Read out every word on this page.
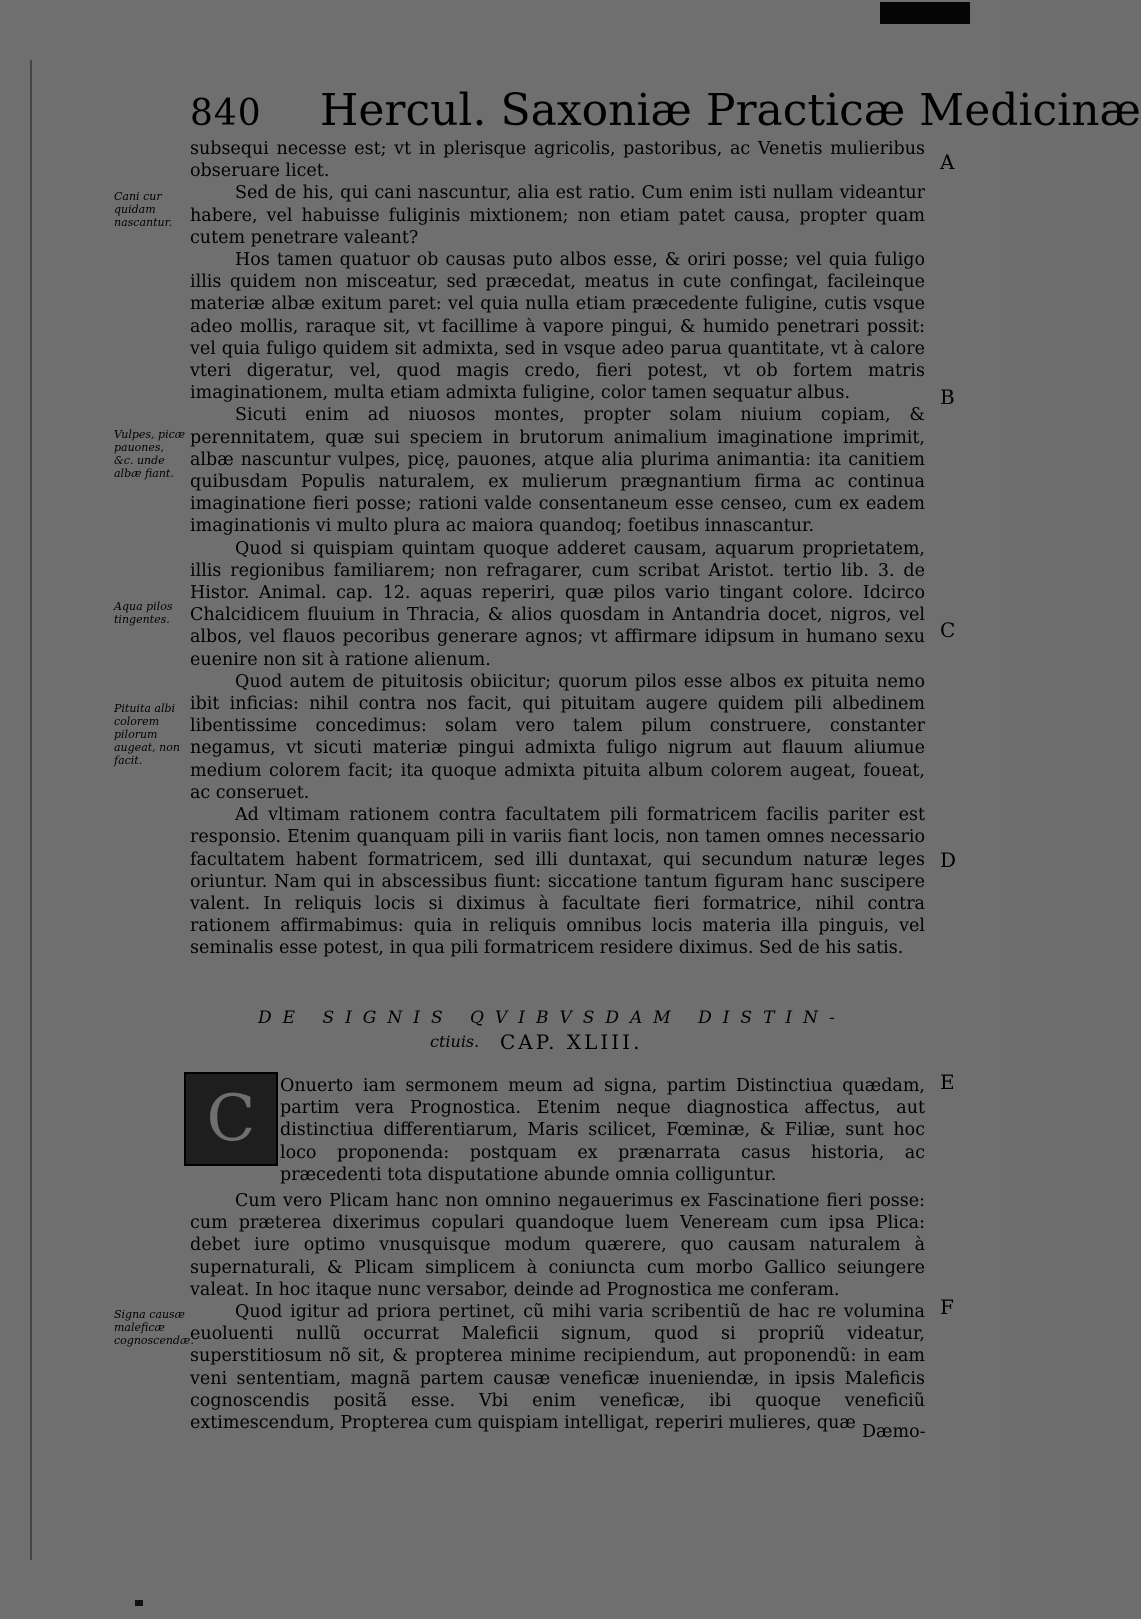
840 Hercul. Saxoniæ Practicæ Medicinæ
Cani cur quidam nascantur.
Vulpes, picæ pauones, &c. unde albæ fiant.
Aqua pilos tingentes.
Pituita albi colorem pilorum augeat, non facit.
Signa causæ maleficæ cognoscendæ.
A
B
C
D
E
F

subsequi necesse est; vt in plerisque agricolis, pastoribus, ac Venetis mulieribus obseruare licet.

Sed de his, qui cani nascuntur, alia est ratio. Cum enim isti nullam videantur habere, vel habuisse fuliginis mixtionem; non etiam patet causa, propter quam cutem penetrare valeant?

Hos tamen quatuor ob causas puto albos esse, & oriri posse; vel quia fuligo illis quidem non misceatur, sed præcedat, meatus in cute confingat, facileinque materiæ albæ exitum paret: vel quia nulla etiam præcedente fuligine, cutis vsque adeo mollis, raraque sit, vt facillime à vapore pingui, & humido penetrari possit: vel quia fuligo quidem sit admixta, sed in vsque adeo parua quantitate, vt à calore vteri digeratur, vel, quod magis credo, fieri potest, vt ob fortem matris imaginationem, multa etiam admixta fuligine, color tamen sequatur albus.

Sicuti enim ad niuosos montes, propter solam niuium copiam, & perennitatem, quæ sui speciem in brutorum animalium imaginatione imprimit, albæ nascuntur vulpes, picę, pauones, atque alia plurima animantia: ita canitiem quibusdam Populis naturalem, ex mulierum prægnantium firma ac continua imaginatione fieri posse; rationi valde consentaneum esse censeo, cum ex eadem imaginationis vi multo plura ac maiora quandoq; foetibus innascantur.

Quod si quispiam quintam quoque adderet causam, aquarum proprietatem, illis regionibus familiarem; non refragarer, cum scribat Aristot. tertio lib. 3. de Histor. Animal. cap. 12. aquas reperiri, quæ pilos vario tingant colore. Idcirco Chalcidicem fluuium in Thracia, & alios quosdam in Antandria docet, nigros, vel albos, vel flauos pecoribus generare agnos; vt affirmare idipsum in humano sexu euenire non sit à ratione alienum.

Quod autem de pituitosis obiicitur; quorum pilos esse albos ex pituita nemo ibit inficias: nihil contra nos facit, qui pituitam augere quidem pili albedinem libentissime concedimus: solam vero talem pilum construere, constanter negamus, vt sicuti materiæ pingui admixta fuligo nigrum aut flauum aliumue medium colorem facit; ita quoque admixta pituita album colorem augeat, foueat, ac conseruet.

Ad vltimam rationem contra facultatem pili formatricem facilis pariter est responsio. Etenim quanquam pili in variis fiant locis, non tamen omnes necessario facultatem habent formatricem, sed illi duntaxat, qui secundum naturæ leges oriuntur. Nam qui in abscessibus fiunt: siccatione tantum figuram hanc suscipere valent. In reliquis locis si diximus à facultate fieri formatrice, nihil contra rationem affirmabimus: quia in reliquis omnibus locis materia illa pinguis, vel seminalis esse potest, in qua pili formatricem residere diximus. Sed de his satis.

DE SIGNIS QVIBVSDAM DISTIN-
ctiuis. CAP. XLIII.
C	Onuerto iam sermonem meum ad signa, partim Distinctiua quædam, partim vera Prognostica. Etenim neque diagnostica affectus, aut distinctiua differentiarum, Maris scilicet, Fœminæ, & Filiæ, sunt hoc loco proponenda: postquam ex prænarrata casus historia, ac præcedenti tota disputatione abunde omnia colliguntur.

Cum vero Plicam hanc non omnino negauerimus ex Fascinatione fieri posse: cum præterea dixerimus copulari quandoque luem Veneream cum ipsa Plica: debet iure optimo vnusquisque modum quærere, quo causam naturalem à supernaturali, & Plicam simplicem à coniuncta cum morbo Gallico seiungere valeat. In hoc itaque nunc versabor, deinde ad Prognostica me conferam.

Quod igitur ad priora pertinet, cũ mihi varia scribentiũ de hac re volumina euoluenti nullũ occurrat Maleficii signum, quod si propriũ videatur, superstitiosum nõ sit, & propterea minime recipiendum, aut proponendũ: in eam veni sententiam, magnã partem causæ veneficæ inueniendæ, in ipsis Maleficis cognoscendis positã esse. Vbi enim veneficæ, ibi quoque veneficiũ extimescendum, Propterea cum quispiam intelligat, reperiri mulieres, quæ Dæmo-
